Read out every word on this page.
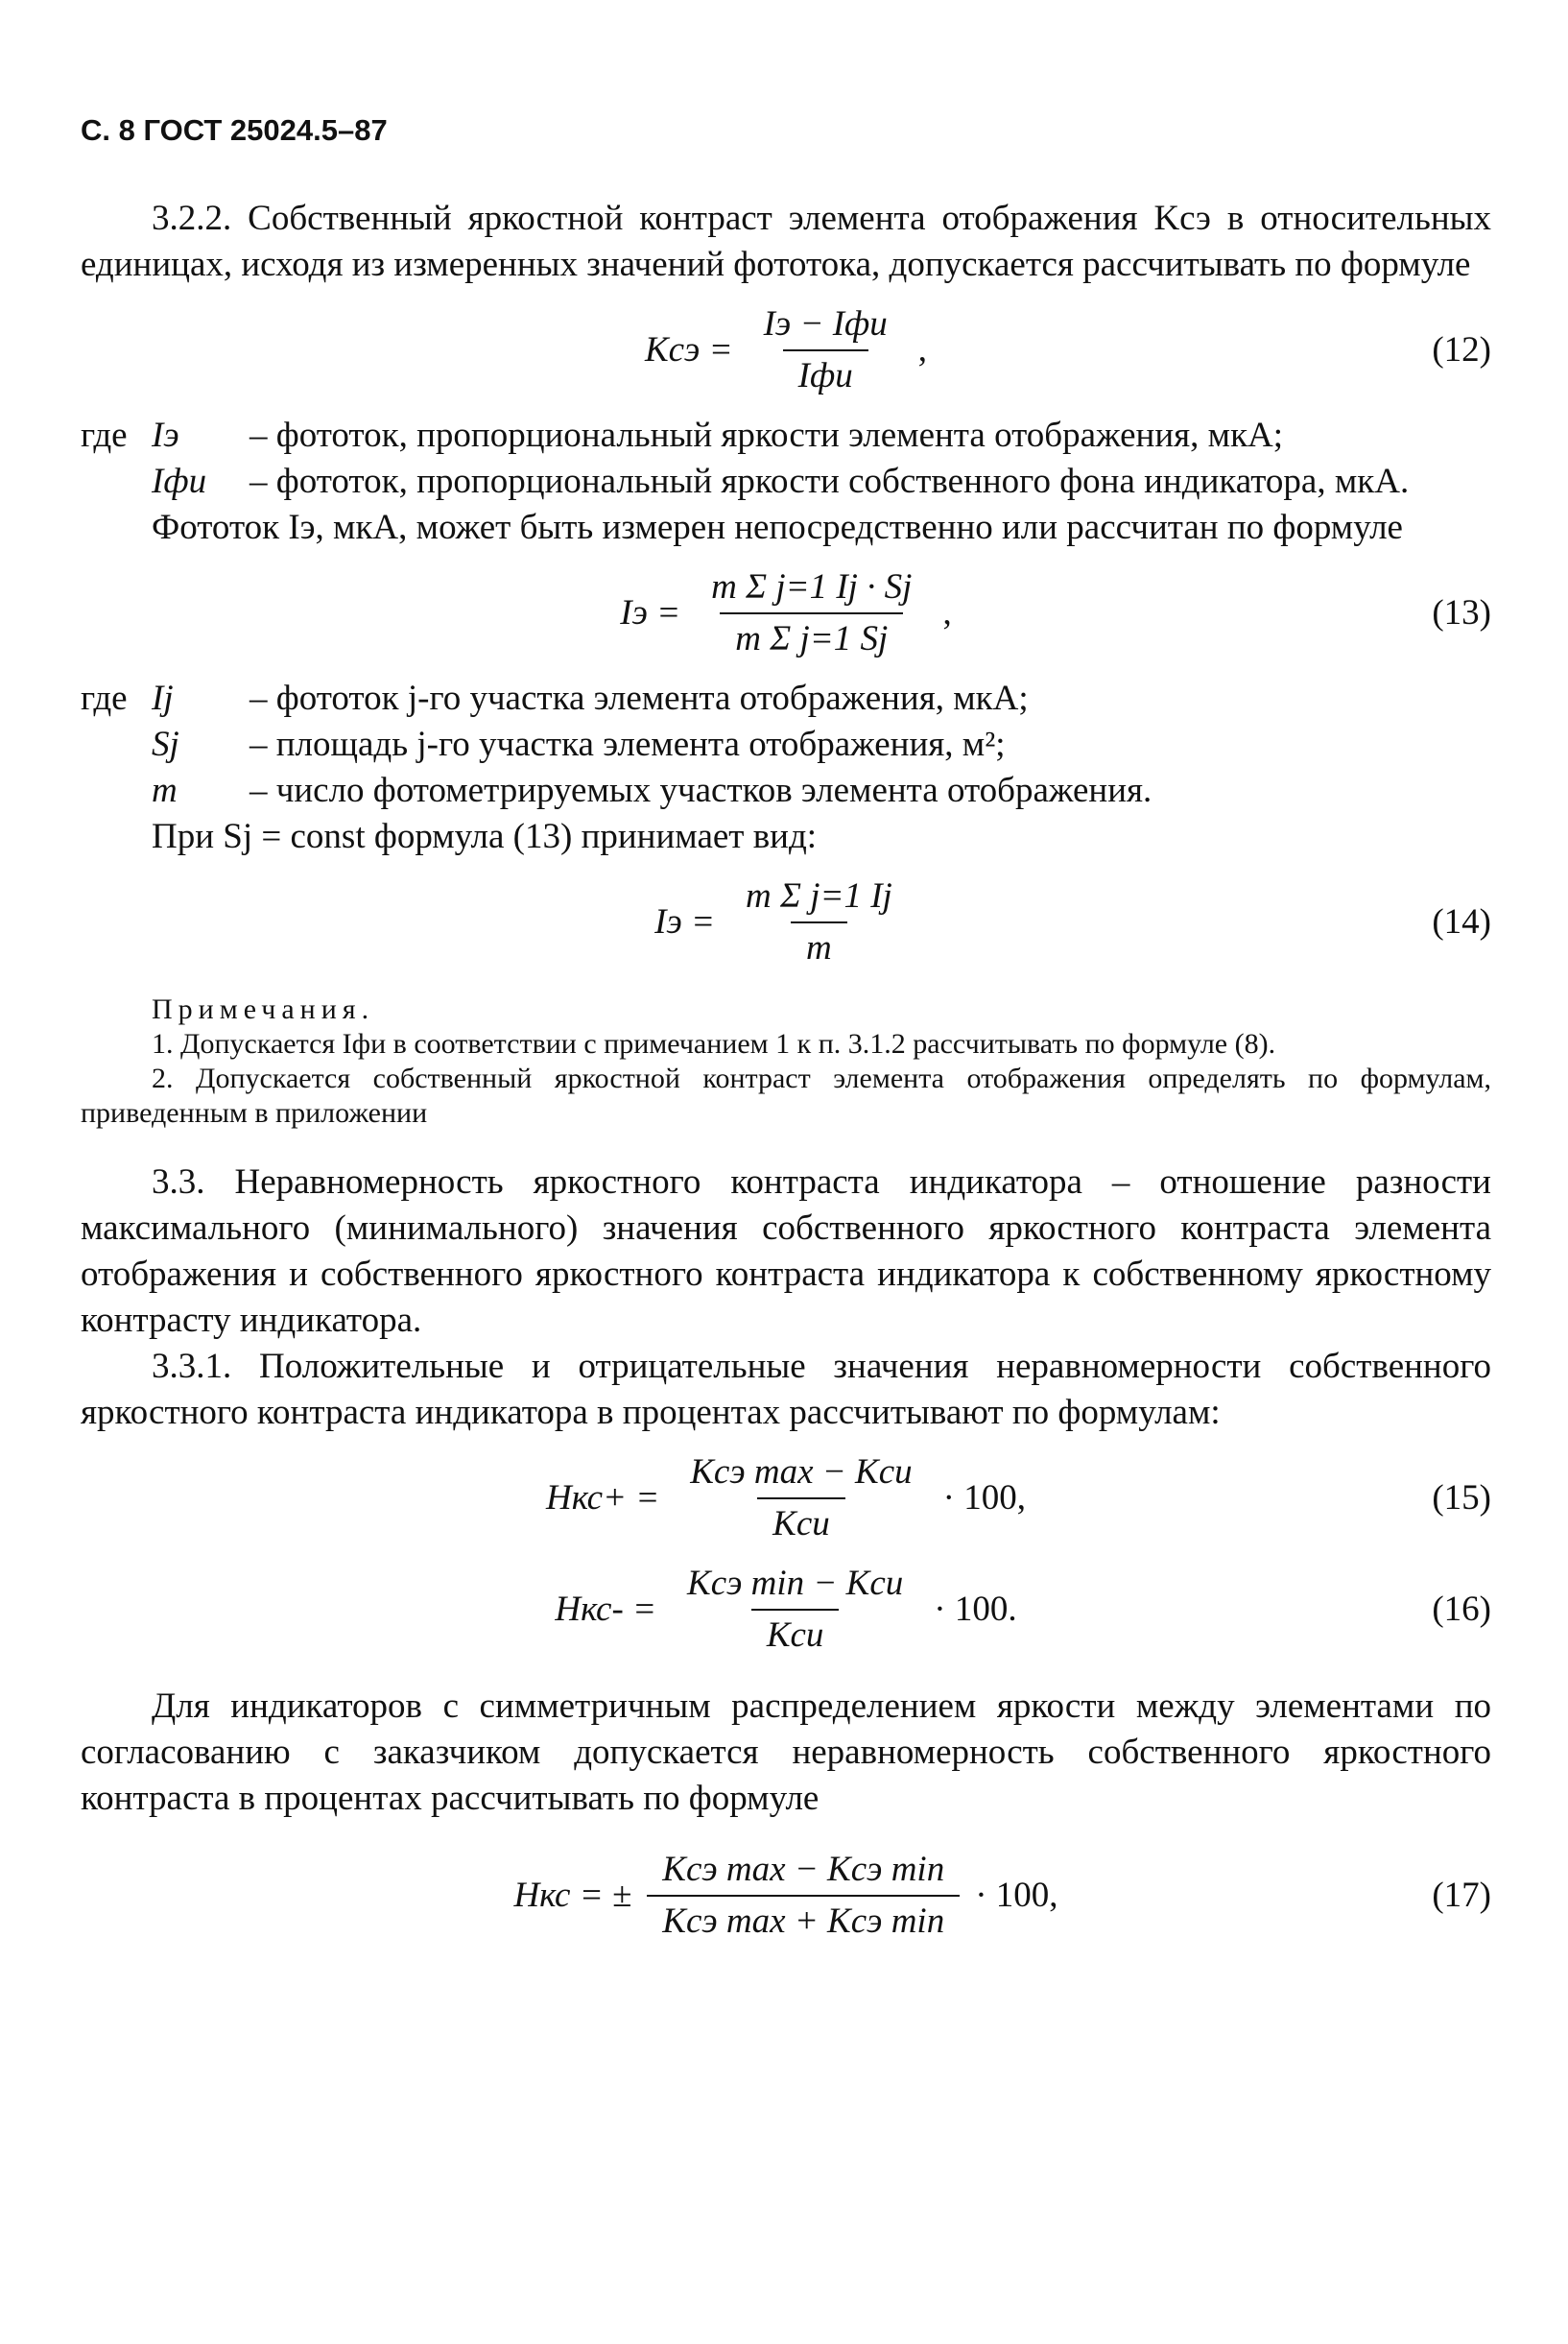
С. 8 ГОСТ 25024.5–87

3.2.2. Собственный яркостной контраст элемента отображения Kсэ в относительных единицах, исходя из измеренных значений фототока, допускается рассчитывать по формуле

Kсэ = $\frac{\text{Iэ − Iфи}}{\text{Iфи}}$ ,	(12)
где Iэ	– фототок, пропорциональный яркости элемента отображения, мкА;
Iфи	– фототок, пропорциональный яркости собственного фона индикатора, мкА.

Фототок Iэ, мкА, может быть измерен непосредственно или рассчитан по формуле

Iэ = $\frac{\text{m Σ j=1 Ij · Sj}}{\text{m Σ j=1 Sj}}$ ,	(13)
где Ij	– фототок j-го участка элемента отображения, мкА;
Sj	– площадь j-го участка элемента отображения, м²;
m	– число фотометрируемых участков элемента отображения.

При Sj = const формула (13) принимает вид:

Iэ = $\frac{\text{m Σ j=1 Ij}}{m}$	(14)
Примечания.

1. Допускается Iфи в соответствии с примечанием 1 к п. 3.1.2 рассчитывать по формуле (8).

2. Допускается собственный яркостной контраст элемента отображения определять по формулам, приведенным в приложении

3.3. Неравномерность яркостного контраста индикатора – отношение разности максимального (минимального) значения собственного яркостного контраста элемента отображения и собственного яркостного контраста индикатора к собственному яркостному контрасту индикатора.

3.3.1. Положительные и отрицательные значения неравномерности собственного яркостного контраста индикатора в процентах рассчитывают по формулам:

$Hкс+ = \frac{\text{Kсэ max − Kси}}{\text{Kси}} \cdot 100$,	(15)
$Hкс- = \frac{\text{Kсэ min − Kси}}{\text{Kси}} \cdot 100$.	(16)

Для индикаторов с симметричным распределением яркости между элементами по согласованию с заказчиком допускается неравномерность собственного яркостного контраста в процентах рассчитывать по формуле

Hкс = ± $\frac{\text{Kсэ max − Kсэ min}}{\text{Kсэ max + Kсэ min}} \cdot 100$,	(17)
